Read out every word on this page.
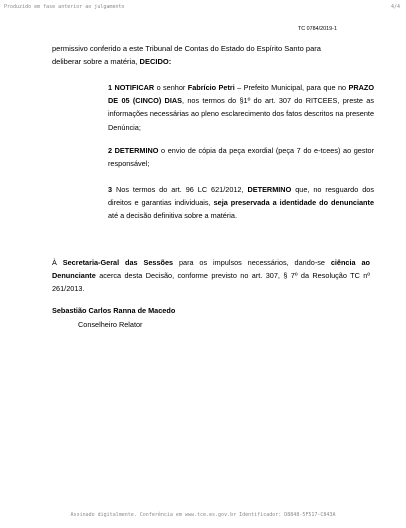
Produzido em fase anterior ao julgamento	4/4
TC 0784/2019-1
permissivo conferido a este Tribunal de Contas do Estado do Espírito Santo para
deliberar sobre a matéria, DECIDO:
1 NOTIFICAR o senhor Fabrício Petri – Prefeito Municipal, para que no PRAZO DE 05 (CINCO) DIAS, nos termos do §1º do art. 307 do RITCEES, preste as informações necessárias ao pleno esclarecimento dos fatos descritos na presente Denúncia;
2 DETERMINO o envio de cópia da peça exordial (peça 7 do e-tcees) ao gestor responsável;
3 Nos termos do art. 96 LC 621/2012, DETERMINO que, no resguardo dos direitos e garantias individuais, seja preservada a identidade do denunciante até a decisão definitiva sobre a matéria.
À Secretaria-Geral das Sessões para os impulsos necessários, dando-se ciência ao Denunciante acerca desta Decisão, conforme previsto no art. 307, § 7º da Resolução TC nº 261/2013.
Sebastião Carlos Ranna de Macedo
Conselheiro Relator
Assinado digitalmente. Conferência em www.tce.es.gov.br Identificador: D8848-5F517-C843A
